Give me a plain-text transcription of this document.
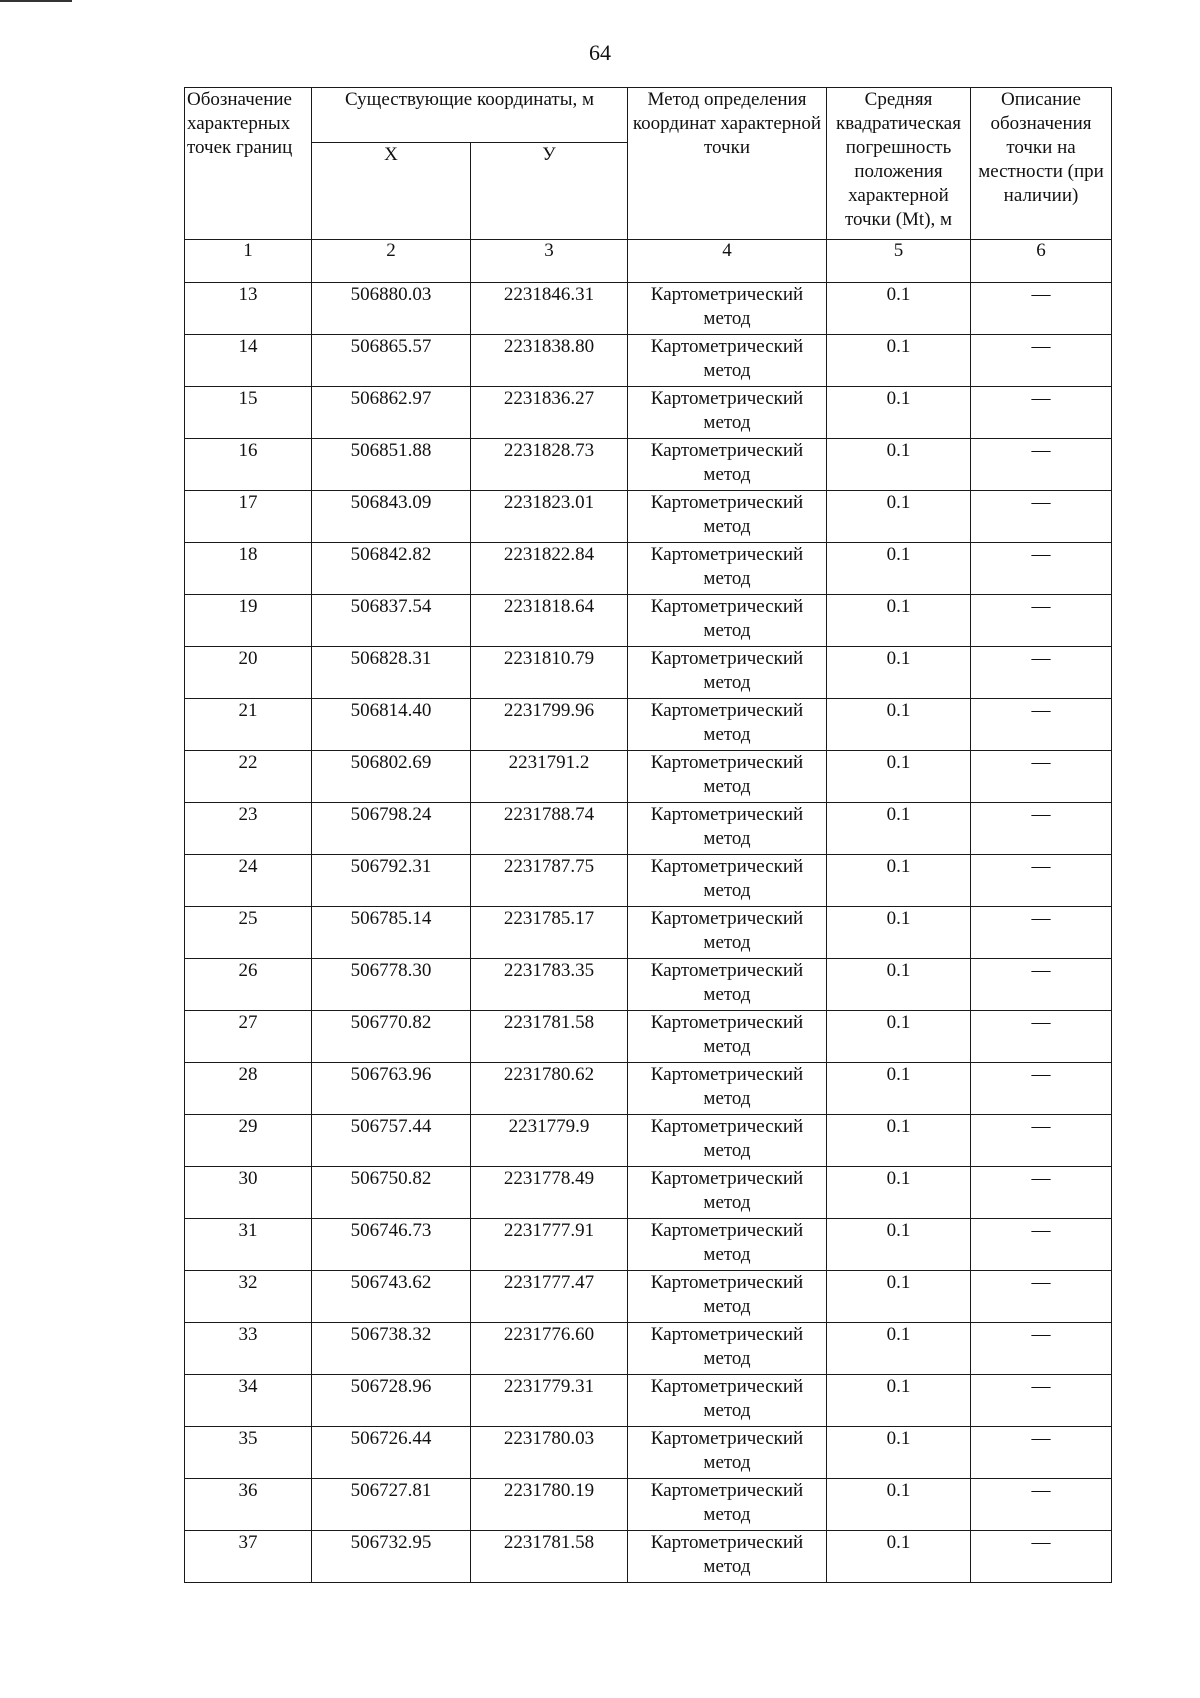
64
Обозначение характерных точек границ	Существующие координаты, м		Метод определения координат характерной точки	Средняя квадратическая погрешность положения характерной точки (Mt), м	Описание обозначения точки на местности (при наличии)
	Х	У			
1	2	3	4	5	6
13	506880.03	2231846.31	Картометрический метод	0.1	—
14	506865.57	2231838.80	Картометрический метод	0.1	—
15	506862.97	2231836.27	Картометрический метод	0.1	—
16	506851.88	2231828.73	Картометрический метод	0.1	—
17	506843.09	2231823.01	Картометрический метод	0.1	—
18	506842.82	2231822.84	Картометрический метод	0.1	—
19	506837.54	2231818.64	Картометрический метод	0.1	—
20	506828.31	2231810.79	Картометрический метод	0.1	—
21	506814.40	2231799.96	Картометрический метод	0.1	—
22	506802.69	2231791.2	Картометрический метод	0.1	—
23	506798.24	2231788.74	Картометрический метод	0.1	—
24	506792.31	2231787.75	Картометрический метод	0.1	—
25	506785.14	2231785.17	Картометрический метод	0.1	—
26	506778.30	2231783.35	Картометрический метод	0.1	—
27	506770.82	2231781.58	Картометрический метод	0.1	—
28	506763.96	2231780.62	Картометрический метод	0.1	—
29	506757.44	2231779.9	Картометрический метод	0.1	—
30	506750.82	2231778.49	Картометрический метод	0.1	—
31	506746.73	2231777.91	Картометрический метод	0.1	—
32	506743.62	2231777.47	Картометрический метод	0.1	—
33	506738.32	2231776.60	Картометрический метод	0.1	—
34	506728.96	2231779.31	Картометрический метод	0.1	—
35	506726.44	2231780.03	Картометрический метод	0.1	—
36	506727.81	2231780.19	Картометрический метод	0.1	—
37	506732.95	2231781.58	Картометрический метод	0.1	—
